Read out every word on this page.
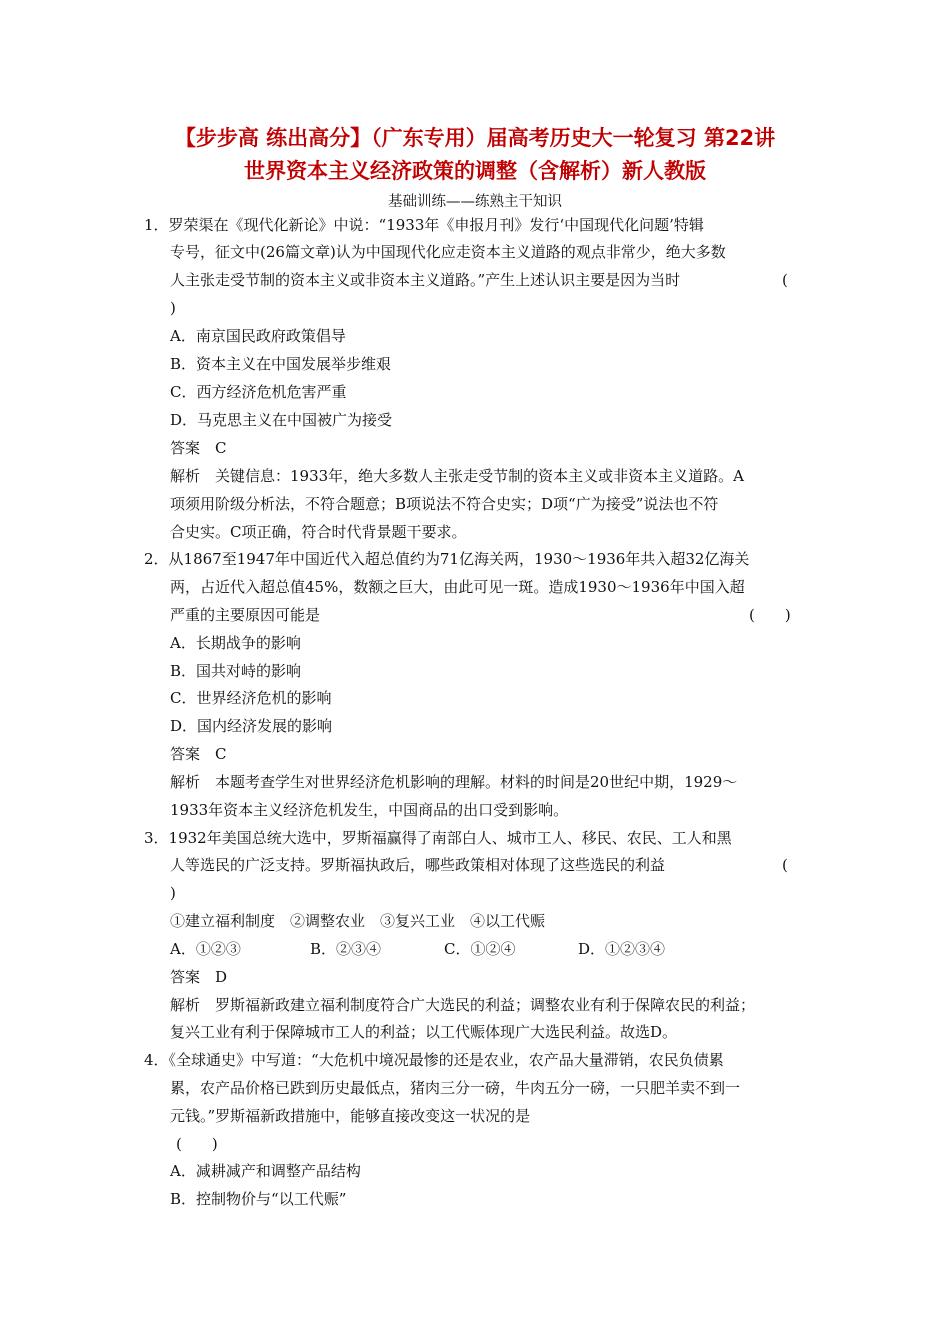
【步步高 练出高分】（广东专用）届高考历史大一轮复习 第22讲
世界资本主义经济政策的调整（含解析）新人教版
基础训练——练熟主干知识
1．罗荣渠在《现代化新论》中说：“1933年《申报月刊》发行‘中国现代化问题’特辑
专号，征文中(26篇文章)认为中国现代化应走资本主义道路的观点非常少，绝大多数
人主张走受节制的资本主义或非资本主义道路。”产生上述认识主要是因为当时	(
)
A．南京国民政府政策倡导
B．资本主义在中国发展举步维艰
C．西方经济危机危害严重
D．马克思主义在中国被广为接受
答案　C
解析　关键信息：1933年，绝大多数人主张走受节制的资本主义或非资本主义道路。A
项须用阶级分析法，不符合题意；B项说法不符合史实；D项“广为接受”说法也不符
合史实。C项正确，符合时代背景题干要求。
2．从1867至1947年中国近代入超总值约为71亿海关两，1930～1936年共入超32亿海关
两，占近代入超总值45%，数额之巨大，由此可见一斑。造成1930～1936年中国入超
严重的主要原因可能是	(　　)
A．长期战争的影响
B．国共对峙的影响
C．世界经济危机的影响
D．国内经济发展的影响
答案　C
解析　本题考查学生对世界经济危机影响的理解。材料的时间是20世纪中期，1929～
1933年资本主义经济危机发生，中国商品的出口受到影响。
3．1932年美国总统大选中，罗斯福赢得了南部白人、城市工人、移民、农民、工人和黑
人等选民的广泛支持。罗斯福执政后，哪些政策相对体现了这些选民的利益	(
)
①建立福利制度　②调整农业　③复兴工业　④以工代赈
A．①②③	B．②③④	C．①②④	D．①②③④
答案　D
解析　罗斯福新政建立福利制度符合广大选民的利益；调整农业有利于保障农民的利益；
复兴工业有利于保障城市工人的利益；以工代赈体现广大选民利益。故选D。
4．《全球通史》中写道：“大危机中境况最惨的还是农业，农产品大量滞销，农民负债累
累，农产品价格已跌到历史最低点，猪肉三分一磅，牛肉五分一磅，一只肥羊卖不到一
元钱。”罗斯福新政措施中，能够直接改变这一状况的是
(　　)
A．减耕减产和调整产品结构
B．控制物价与“以工代赈”
